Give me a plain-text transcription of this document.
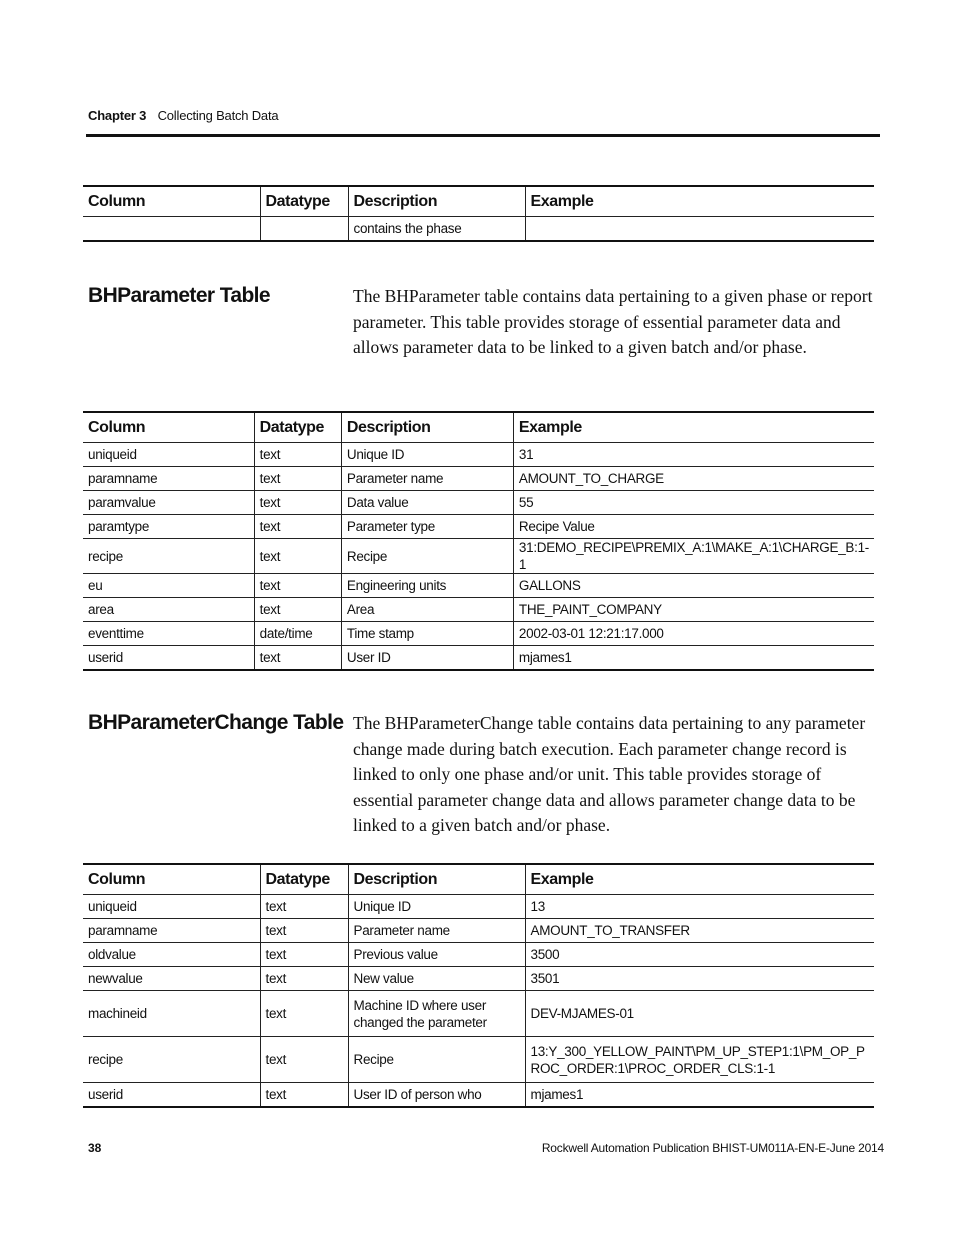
Chapter 3 Collecting Batch Data
Column	Datatype	Description	Example
		contains the phase	
BHParameter Table	The BHParameter table contains data pertaining to a given phase or report parameter. This table provides storage of essential parameter data and allows parameter data to be linked to a given batch and/or phase.
Column	Datatype	Description	Example
uniqueid	text	Unique ID	31
paramname	text	Parameter name	AMOUNT_TO_CHARGE
paramvalue	text	Data value	55
paramtype	text	Parameter type	Recipe Value
recipe	text	Recipe	31:DEMO_RECIPE\PREMIX_A:1\MAKE_A:1\CHARGE_B:1-1
eu	text	Engineering units	GALLONS
area	text	Area	THE_PAINT_COMPANY
eventtime	date/time	Time stamp	2002-03-01 12:21:17.000
userid	text	User ID	mjames1
BHParameterChange Table The BHParameterChange table contains data pertaining to any parameter change made during batch execution. Each parameter change record is linked to only one phase and/or unit. This table provides storage of essential parameter change data and allows parameter change data to be linked to a given batch and/or phase.
Column	Datatype	Description	Example
uniqueid	text	Unique ID	13
paramname	text	Parameter name	AMOUNT_TO_TRANSFER
oldvalue	text	Previous value	3500
newvalue	text	New value	3501
machineid	text	Machine ID where user changed the parameter	DEV-MJAMES-01
recipe	text	Recipe	13:Y_300_YELLOW_PAINT\PM_UP_STEP1:1\PM_OP_PROC_ORDER:1\PROC_ORDER_CLS:1-1
userid	text	User ID of person who	mjames1
38	Rockwell Automation Publication BHIST-UM011A-EN-E-June 2014
